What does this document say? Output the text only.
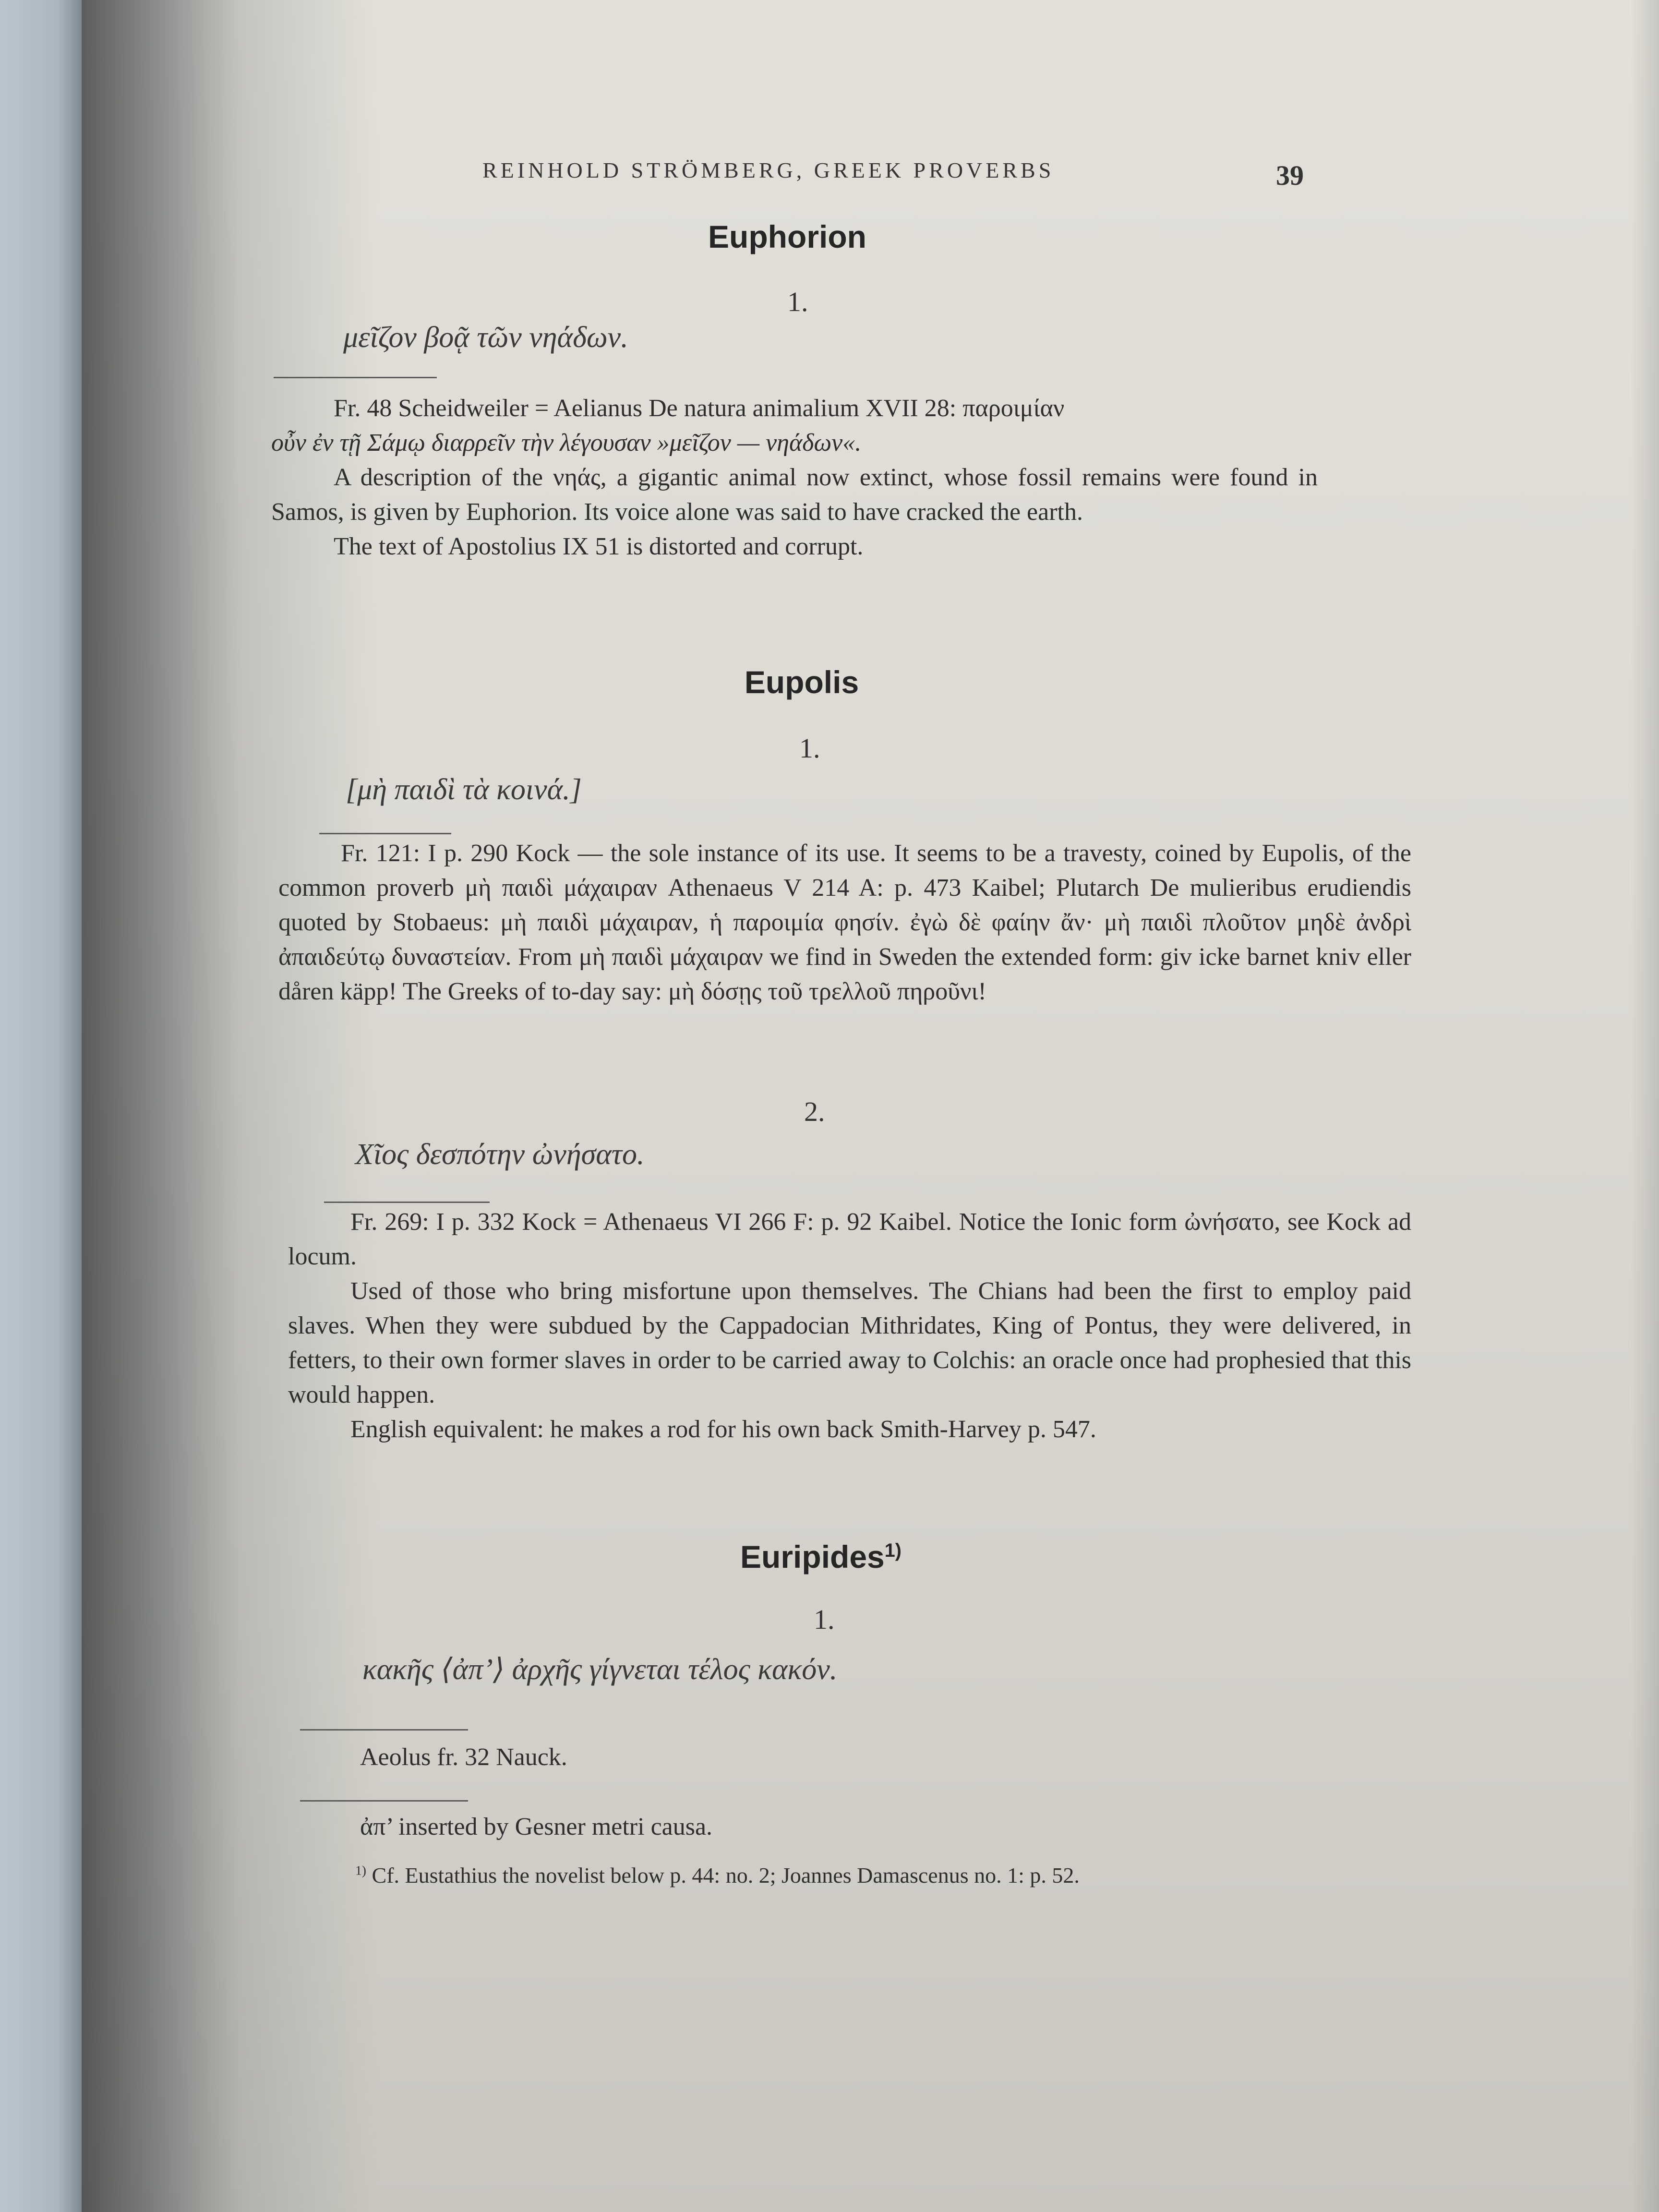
REINHOLD STRÖMBERG, GREEK PROVERBS	39
Euphorion
1.
μεῖζον βοᾷ τῶν νηάδων.

Fr. 48 Scheidweiler = Aelianus De natura animalium XVII 28: παροιμίαν

οὖν ἐν τῇ Σάμῳ διαρρεῖν τὴν λέγουσαν »μεῖζον — νηάδων«.

A description of the νηάς, a gigantic animal now extinct, whose fossil remains were found in Samos, is given by Euphorion. Its voice alone was said to have cracked the earth.

The text of Apostolius IX 51 is distorted and corrupt.

Eupolis
1.
[μὴ παιδὶ τὰ κοινά.]

Fr. 121: I p. 290 Kock — the sole instance of its use. It seems to be a travesty, coined by Eupolis, of the common proverb μὴ παιδὶ μάχαιραν Athenaeus V 214 A: p. 473 Kaibel; Plutarch De mulieribus erudiendis quoted by Stobaeus: μὴ παιδὶ μάχαιραν, ἡ παροιμία φησίν. ἐγὼ δὲ φαίην ἄν· μὴ παιδὶ πλοῦτον μηδὲ ἀνδρὶ ἀπαιδεύτῳ δυναστείαν. From μὴ παιδὶ μάχαιραν we find in Sweden the extended form: giv icke barnet kniv eller dåren käpp! The Greeks of to-day say: μὴ δόσῃς τοῦ τρελλοῦ πηροῦνι!

2.
Χῖος δεσπότην ὠνήσατο.

Fr. 269: I p. 332 Kock = Athenaeus VI 266 F: p. 92 Kaibel. Notice the Ionic form ὠνήσατο, see Kock ad locum.

Used of those who bring misfortune upon themselves. The Chians had been the first to employ paid slaves. When they were subdued by the Cappadocian Mithridates, King of Pontus, they were delivered, in fetters, to their own former slaves in order to be carried away to Colchis: an oracle once had prophesied that this would happen.

English equivalent: he makes a rod for his own back Smith-Harvey p. 547.

Euripides$^{1)}$
1.
κακῆς ⟨ἀπ’⟩ ἀρχῆς γίγνεται τέλος κακόν.
Aeolus fr. 32 Nauck.
ἀπ’ inserted by Gesner metri causa.
$^{1)}$ Cf. Eustathius the novelist below p. 44: no. 2; Joannes Damascenus no. 1: p. 52.
